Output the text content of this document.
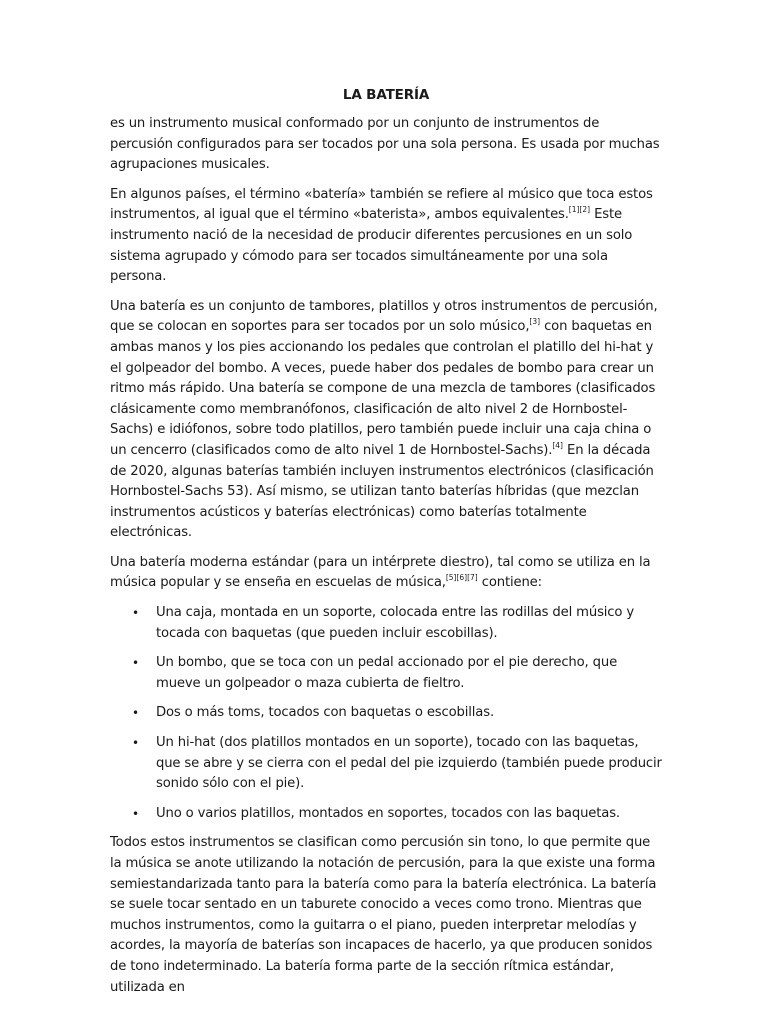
LA BATERÍA

es un instrumento musical conformado por un conjunto de instrumentos de percusión configurados para ser tocados por una sola persona. Es usada por muchas agrupaciones musicales.

En algunos países, el término «batería» también se refiere al músico que toca estos instrumentos, al igual que el término «baterista», ambos equivalentes.[1][2] Este instrumento nació de la necesidad de producir diferentes percusiones en un solo sistema agrupado y cómodo para ser tocados simultáneamente por una sola persona.

Una batería es un conjunto de tambores, platillos y otros instrumentos de percusión, que se colocan en soportes para ser tocados por un solo músico,[3] con baquetas en ambas manos y los pies accionando los pedales que controlan el platillo del hi-hat y el golpeador del bombo. A veces, puede haber dos pedales de bombo para crear un ritmo más rápido. Una batería se compone de una mezcla de tambores (clasificados clásicamente como membranófonos, clasificación de alto nivel 2 de Hornbostel-Sachs) e idiófonos, sobre todo platillos, pero también puede incluir una caja china o un cencerro (clasificados como de alto nivel 1 de Hornbostel-Sachs).[4] En la década de 2020, algunas baterías también incluyen instrumentos electrónicos (clasificación Hornbostel-Sachs 53). Así mismo, se utilizan tanto baterías híbridas (que mezclan instrumentos acústicos y baterías electrónicas) como baterías totalmente electrónicas.

Una batería moderna estándar (para un intérprete diestro), tal como se utiliza en la música popular y se enseña en escuelas de música,[5][6][7] contiene:

• Una caja, montada en un soporte, colocada entre las rodillas del músico y tocada con baquetas (que pueden incluir escobillas).
• Un bombo, que se toca con un pedal accionado por el pie derecho, que mueve un golpeador o maza cubierta de fieltro.
• Dos o más toms, tocados con baquetas o escobillas.
• Un hi-hat (dos platillos montados en un soporte), tocado con las baquetas, que se abre y se cierra con el pedal del pie izquierdo (también puede producir sonido sólo con el pie).
• Uno o varios platillos, montados en soportes, tocados con las baquetas.

Todos estos instrumentos se clasifican como percusión sin tono, lo que permite que la música se anote utilizando la notación de percusión, para la que existe una forma semiestandarizada tanto para la batería como para la batería electrónica. La batería se suele tocar sentado en un taburete conocido a veces como trono. Mientras que muchos instrumentos, como la guitarra o el piano, pueden interpretar melodías y acordes, la mayoría de baterías son incapaces de hacerlo, ya que producen sonidos de tono indeterminado. La batería forma parte de la sección rítmica estándar, utilizada en
